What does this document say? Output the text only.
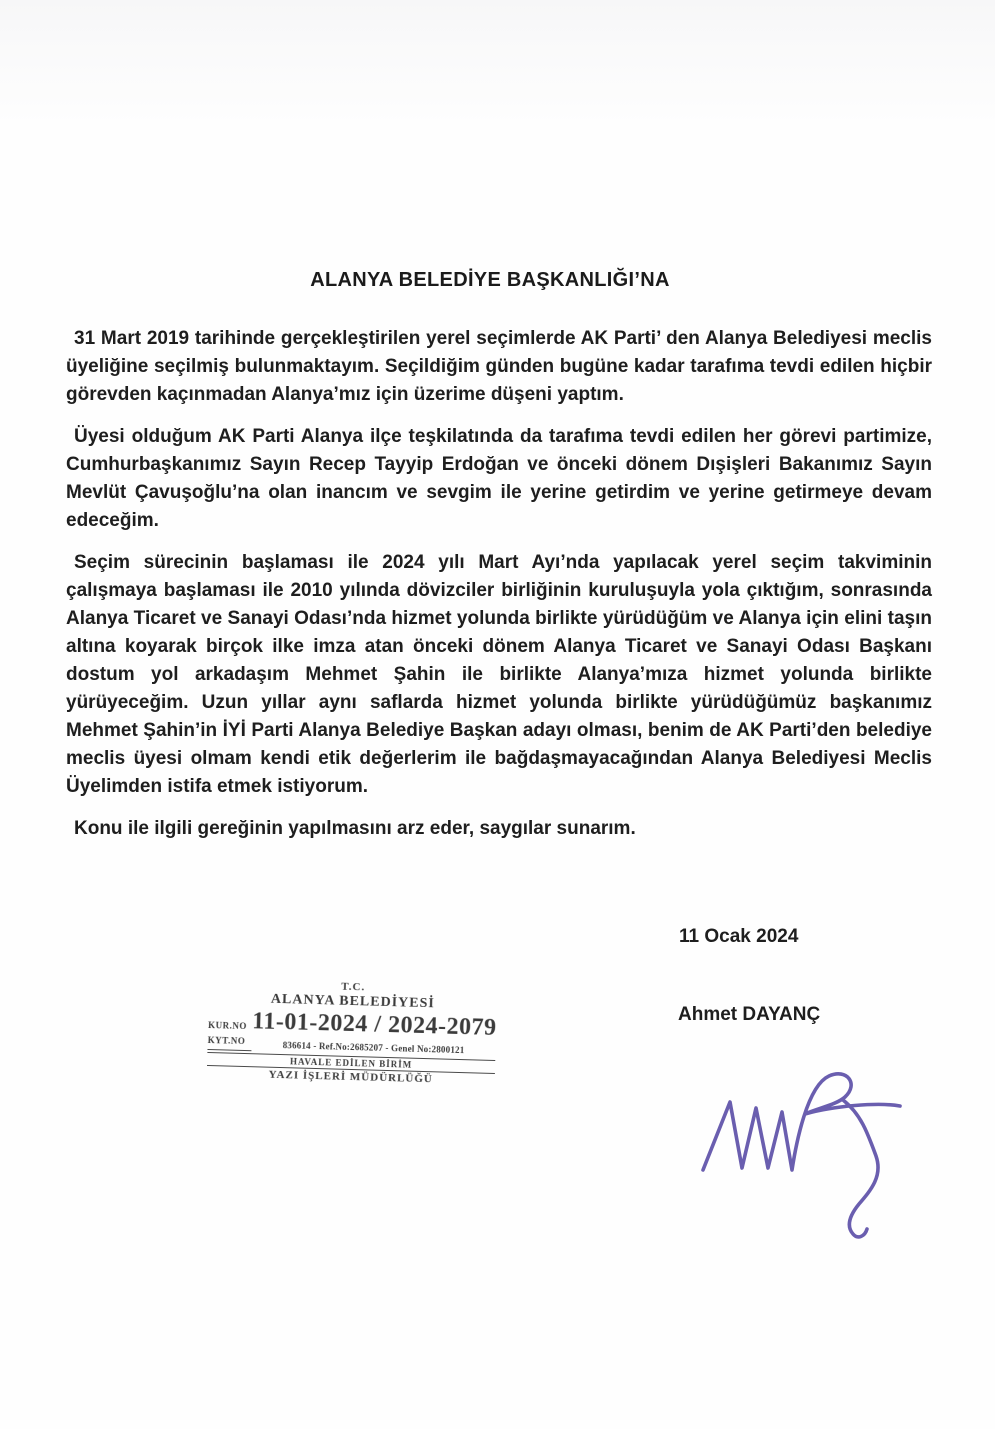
ALANYA BELEDİYE BAŞKANLIĞI’NA

31 Mart 2019 tarihinde gerçekleştirilen yerel seçimlerde AK Parti’ den Alanya Belediyesi meclis üyeliğine seçilmiş bulunmaktayım. Seçildiğim günden bugüne kadar tarafıma tevdi edilen hiçbir görevden kaçınmadan Alanya’mız için üzerime düşeni yaptım.

Üyesi olduğum AK Parti Alanya ilçe teşkilatında da tarafıma tevdi edilen her görevi partimize, Cumhurbaşkanımız Sayın Recep Tayyip Erdoğan ve önceki dönem Dışişleri Bakanımız Sayın Mevlüt Çavuşoğlu’na olan inancım ve sevgim ile yerine getirdim ve yerine getirmeye devam edeceğim.

Seçim sürecinin başlaması ile 2024 yılı Mart Ayı’nda yapılacak yerel seçim takviminin çalışmaya başlaması ile 2010 yılında dövizciler birliğinin kuruluşuyla yola çıktığım, sonrasında Alanya Ticaret ve Sanayi Odası’nda hizmet yolunda birlikte yürüdüğüm ve Alanya için elini taşın altına koyarak birçok ilke imza atan önceki dönem Alanya Ticaret ve Sanayi Odası Başkanı dostum yol arkadaşım Mehmet Şahin ile birlikte Alanya’mıza hizmet yolunda birlikte yürüyeceğim. Uzun yıllar aynı saflarda hizmet yolunda birlikte yürüdüğümüz başkanımız Mehmet Şahin’in İYİ Parti Alanya Belediye Başkan adayı olması, benim de AK Parti’den belediye meclis üyesi olmam kendi etik değerlerim ile bağdaşmayacağından Alanya Belediyesi Meclis Üyelimden istifa etmek istiyorum.

Konu ile ilgili gereğinin yapılmasını arz eder, saygılar sunarım.

11 Ocak 2024
T.C.
ALANYA BELEDİYESİ
KUR.NO 11-01-2024 / 2024-2079
KYT.NO	836614 - Ref.No:2685207 - Genel No:2800121
HAVALE EDİLEN BİRİM
YAZI İŞLERİ MÜDÜRLÜĞÜ
Ahmet DAYANÇ
